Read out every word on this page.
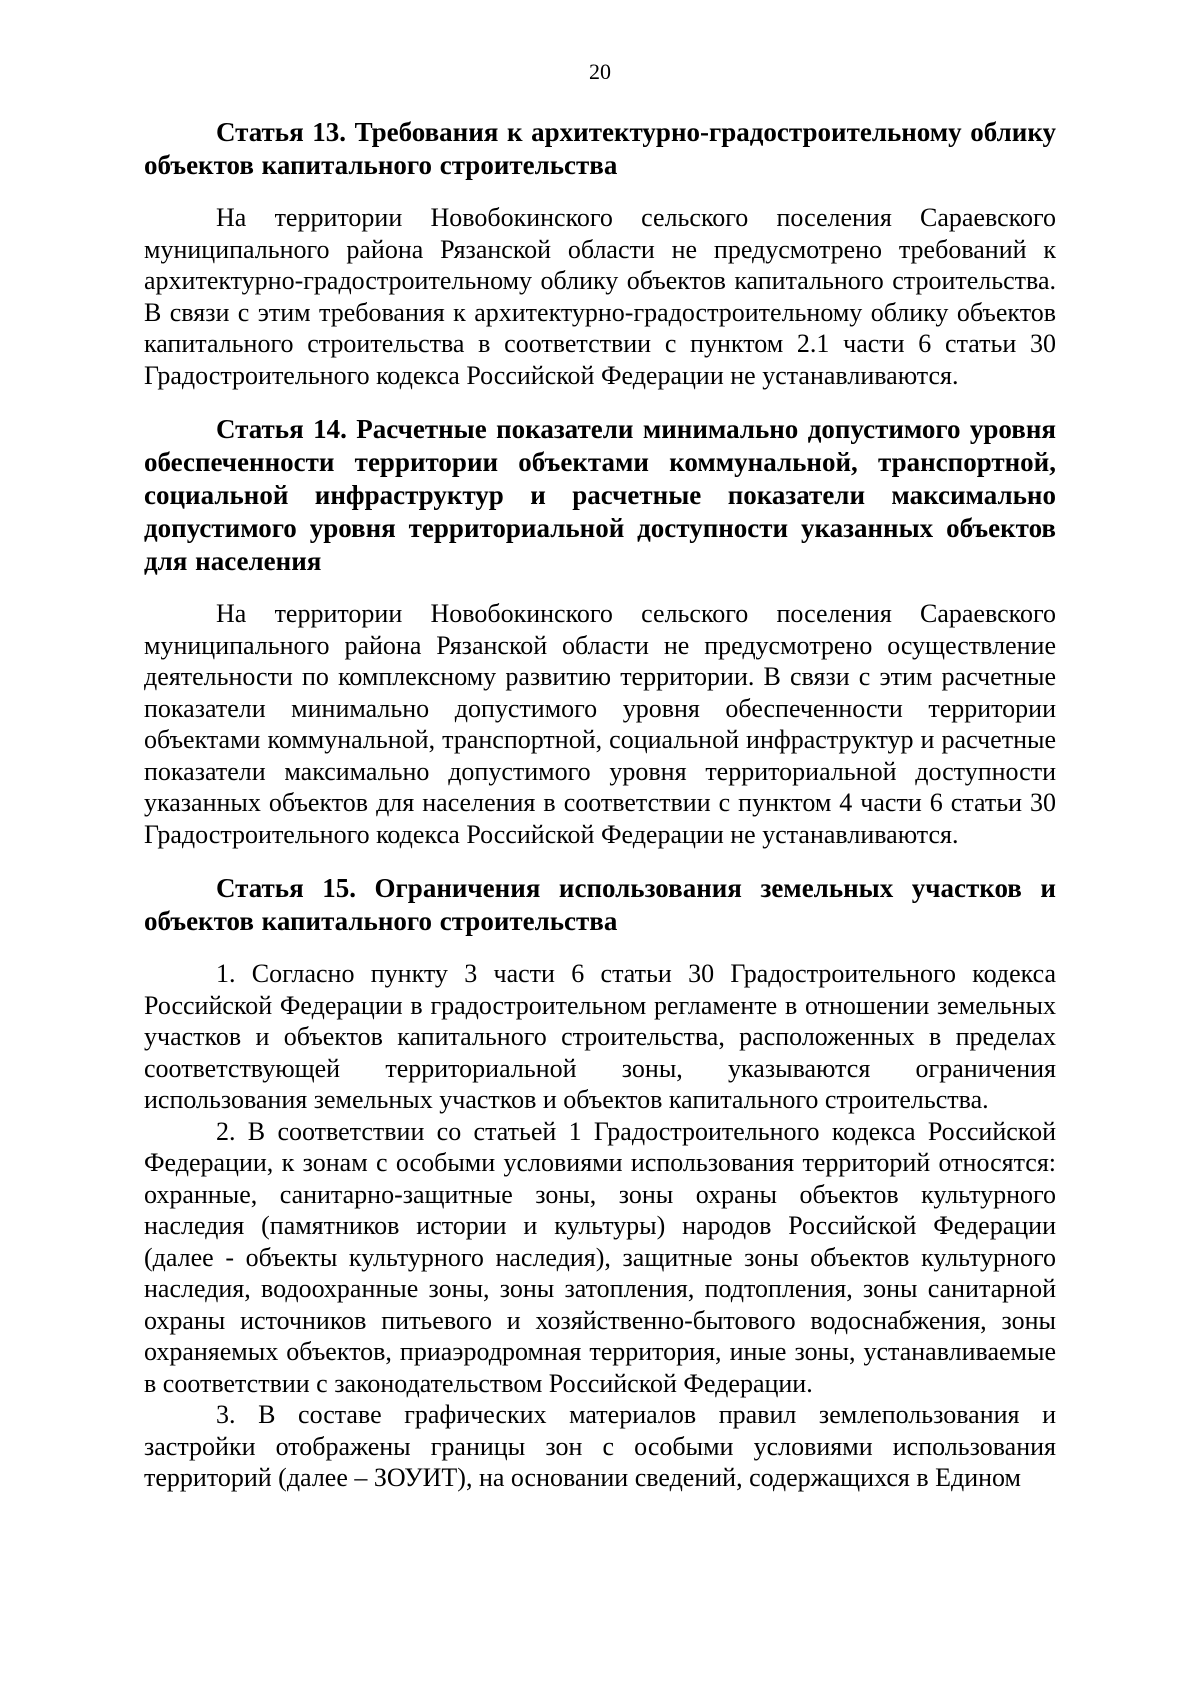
20

Статья 13. Требования к архитектурно-градостроительному облику объектов капитального строительства

На территории Новобокинского сельского поселения Сараевского муниципального района Рязанской области не предусмотрено требований к архитектурно-градостроительному облику объектов капитального строительства. В связи с этим требования к архитектурно-градостроительному облику объектов капитального строительства в соответствии с пунктом 2.1 части 6 статьи 30 Градостроительного кодекса Российской Федерации не устанавливаются.

Статья 14. Расчетные показатели минимально допустимого уровня обеспеченности территории объектами коммунальной, транспортной, социальной инфраструктур и расчетные показатели максимально допустимого уровня территориальной доступности указанных объектов для населения

На территории Новобокинского сельского поселения Сараевского муниципального района Рязанской области не предусмотрено осуществление деятельности по комплексному развитию территории. В связи с этим расчетные показатели минимально допустимого уровня обеспеченности территории объектами коммунальной, транспортной, социальной инфраструктур и расчетные показатели максимально допустимого уровня территориальной доступности указанных объектов для населения в соответствии с пунктом 4 части 6 статьи 30 Градостроительного кодекса Российской Федерации не устанавливаются.

Статья 15. Ограничения использования земельных участков и объектов капитального строительства

1. Согласно пункту 3 части 6 статьи 30 Градостроительного кодекса Российской Федерации в градостроительном регламенте в отношении земельных участков и объектов капитального строительства, расположенных в пределах соответствующей территориальной зоны, указываются ограничения использования земельных участков и объектов капитального строительства.

2. В соответствии со статьей 1 Градостроительного кодекса Российской Федерации, к зонам с особыми условиями использования территорий относятся: охранные, санитарно-защитные зоны, зоны охраны объектов культурного наследия (памятников истории и культуры) народов Российской Федерации (далее - объекты культурного наследия), защитные зоны объектов культурного наследия, водоохранные зоны, зоны затопления, подтопления, зоны санитарной охраны источников питьевого и хозяйственно-бытового водоснабжения, зоны охраняемых объектов, приаэродромная территория, иные зоны, устанавливаемые в соответствии с законодательством Российской Федерации.

3. В составе графических материалов правил землепользования и застройки отображены границы зон с особыми условиями использования территорий (далее – ЗОУИТ), на основании сведений, содержащихся в Едином
